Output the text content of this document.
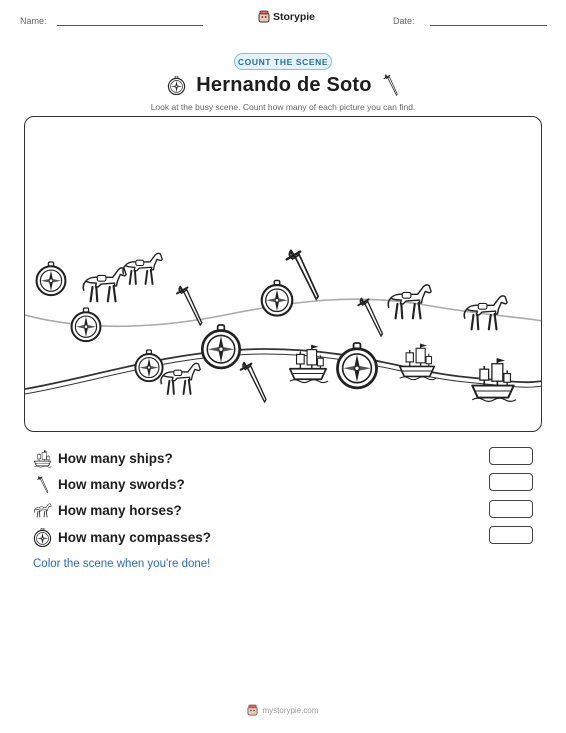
Name:	Storypie	Date:
COUNT THE SCENE
Hernando de Soto
Look at the busy scene. Count how many of each picture you can find.
How many ships?
How many swords?
How many horses?
How many compasses?
Color the scene when you're done!
mystorypie.com
